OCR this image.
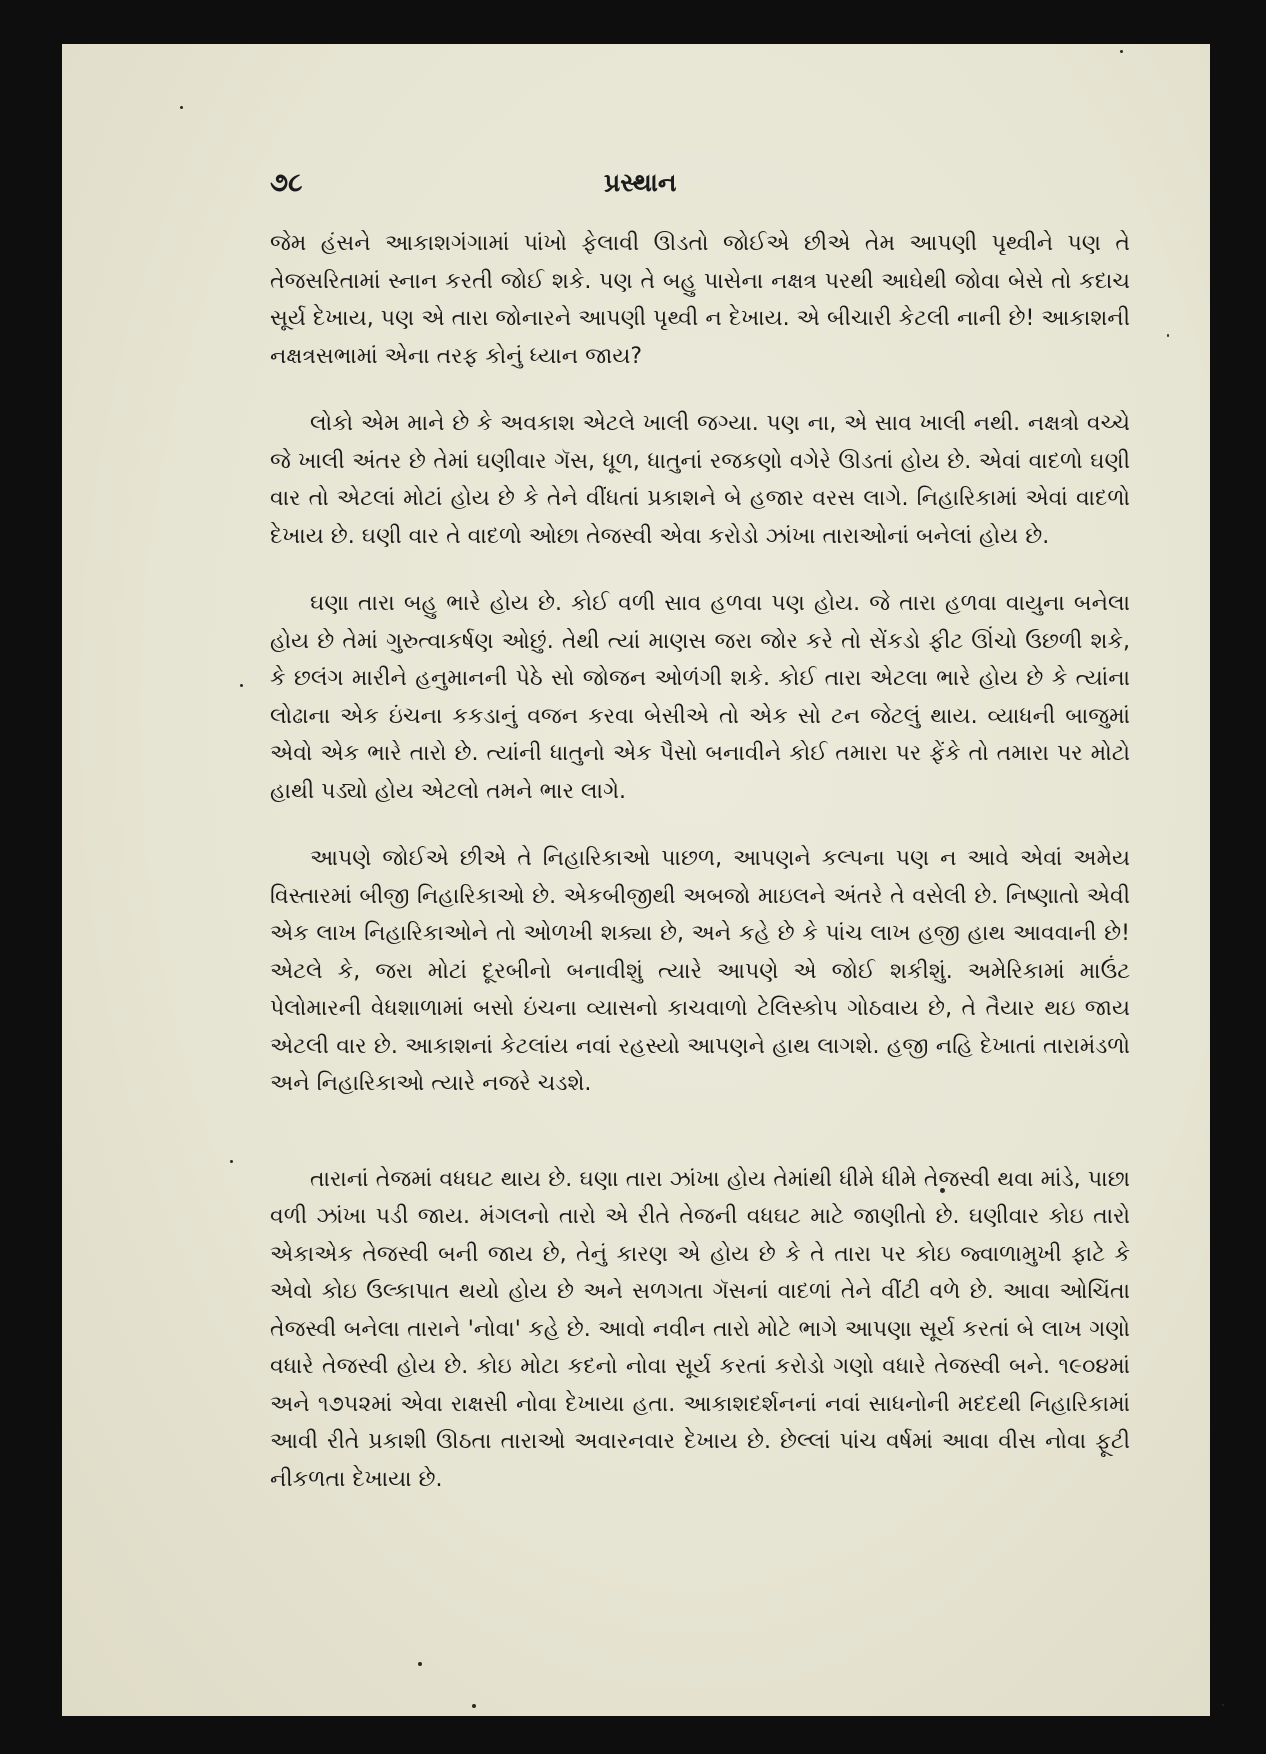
૭૮	પ્રસ્થાન

જેમ હંસને આકાશગંગામાં પાંખો ફેલાવી ઊડતો જોઈએ છીએ તેમ આપણી પૃથ્વીને પણ તે તેજસરિતામાં સ્નાન કરતી જોઈ શકે. પણ તે બહુ પાસેના નક્ષત્ર પરથી આઘેથી જોવા બેસે તો કદાચ સૂર્ય દેખાય, પણ એ તારા જોનારને આપણી પૃથ્વી ન દેખાય. એ બીચારી કેટલી નાની છે! આકાશની નક્ષત્રસભામાં એના તરફ કોનું ધ્યાન જાય?

લોકો એમ માને છે કે અવકાશ એટલે ખાલી જગ્યા. પણ ના, એ સાવ ખાલી નથી. નક્ષત્રો વચ્ચે જે ખાલી અંતર છે તેમાં ઘણીવાર ગૅસ, ધૂળ, ધાતુનાં રજકણો વગેરે ઊડતાં હોય છે. એવાં વાદળો ઘણી વાર તો એટલાં મોટાં હોય છે કે તેને વીંધતાં પ્રકાશને બે હજાર વરસ લાગે. નિહારિકામાં એવાં વાદળો દેખાય છે. ઘણી વાર તે વાદળો ઓછા તેજસ્વી એવા કરોડો ઝાંખા તારાઓનાં બનેલાં હોય છે.

ઘણા તારા બહુ ભારે હોય છે. કોઈ વળી સાવ હળવા પણ હોય. જે તારા હળવા વાયુના બનેલા હોય છે તેમાં ગુરુત્વાકર્ષણ ઓછું. તેથી ત્યાં માણસ જરા જોર કરે તો સેંકડો ફીટ ઊંચો ઉછળી શકે, કે છલંગ મારીને હનુમાનની પેઠે સો જોજન ઓળંગી શકે. કોઈ તારા એટલા ભારે હોય છે કે ત્યાંના લોઢાના એક ઇંચના કકડાનું વજન કરવા બેસીએ તો એક સો ટન જેટલું થાય. વ્યાધની બાજુમાં એવો એક ભારે તારો છે. ત્યાંની ધાતુનો એક પૈસો બનાવીને કોઈ તમારા પર ફેંકે તો તમારા પર મોટો હાથી પડ્યો હોય એટલો તમને ભાર લાગે.

આપણે જોઈએ છીએ તે નિહારિકાઓ પાછળ, આપણને કલ્પના પણ ન આવે એવાં અમેય વિસ્તારમાં બીજી નિહારિકાઓ છે. એકબીજીથી અબજો માઇલને અંતરે તે વસેલી છે. નિષ્ણાતો એવી એક લાખ નિહારિકાઓને તો ઓળખી શક્યા છે, અને કહે છે કે પાંચ લાખ હજી હાથ આવવાની છે! એટલે કે, જરા મોટાં દૂરબીનો બનાવીશું ત્યારે આપણે એ જોઈ શકીશું. અમેરિકામાં માઉંટ પેલોમારની વેધશાળામાં બસો ઇંચના વ્યાસનો કાચવાળો ટેલિસ્કોપ ગોઠવાય છે, તે તૈયાર થઇ જાય એટલી વાર છે. આકાશનાં કેટલાંય નવાં રહસ્યો આપણને હાથ લાગશે. હજી નહિ દેખાતાં તારામંડળો અને નિહારિકાઓ ત્યારે નજરે ચડશે.

તારાનાં તેજમાં વધઘટ થાય છે. ઘણા તારા ઝાંખા હોય તેમાંથી ધીમે ધીમે તેજસ્વી થવા માંડે, પાછા વળી ઝાંખા પડી જાય. મંગલનો તારો એ રીતે તેજની વધઘટ માટે જાણીતો છે. ઘણીવાર કોઇ તારો એકાએક તેજસ્વી બની જાય છે, તેનું કારણ એ હોય છે કે તે તારા પર કોઇ જ્વાળામુખી ફાટે કે એવો કોઇ ઉલ્કાપાત થયો હોય છે અને સળગતા ગૅસનાં વાદળાં તેને વીંટી વળે છે. આવા ઓચિંતા તેજસ્વી બનેલા તારાને 'નોવા' કહે છે. આવો નવીન તારો મોટે ભાગે આપણા સૂર્ય કરતાં બે લાખ ગણો વધારે તેજસ્વી હોય છે. કોઇ મોટા કદનો નોવા સૂર્ય કરતાં કરોડો ગણો વધારે તેજસ્વી બને. ૧૯૦૪માં અને ૧૭૫૨માં એવા રાક્ષસી નોવા દેખાયા હતા. આકાશદર્શનનાં નવાં સાધનોની મદદથી નિહારિકામાં આવી રીતે પ્રકાશી ઊઠતા તારાઓ અવારનવાર દેખાય છે. છેલ્લાં પાંચ વર્ષમાં આવા વીસ નોવા ફૂટી નીકળતા દેખાયા છે.
